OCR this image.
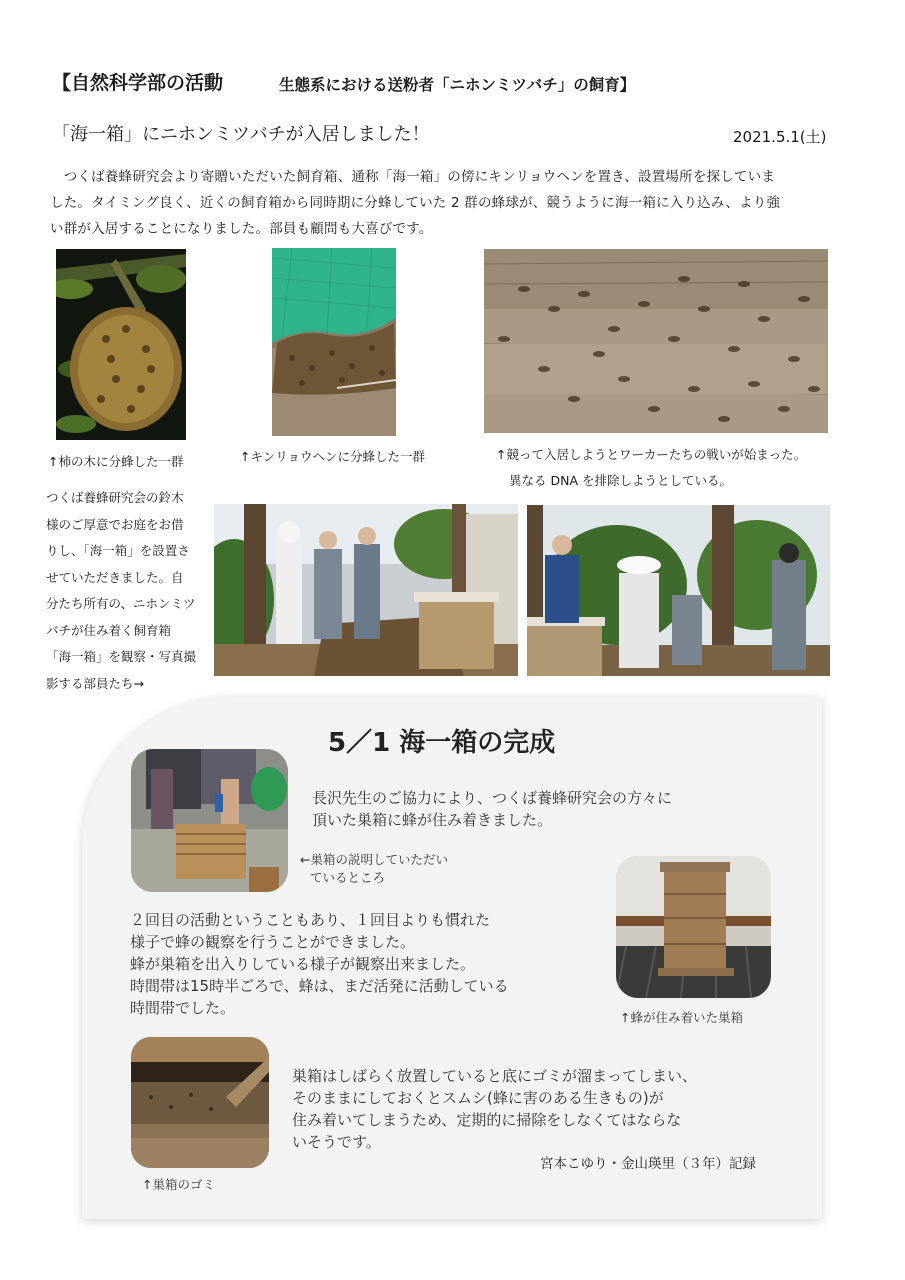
【自然科学部の活動	生態系における送粉者「ニホンミツバチ」の飼育】
「海一箱」にニホンミツバチが入居しました！	2021.5.1(土)
　つくば養蜂研究会より寄贈いただいた飼育箱、通称「海一箱」の傍にキンリョウヘンを置き、設置場所を探していま
した。タイミング良く、近くの飼育箱から同時期に分蜂していた 2 群の蜂球が、競うように海一箱に入り込み、より強
い群が入居することになりました。部員も顧問も大喜びです。
↑柿の木に分蜂した一群	↑キンリョウヘンに分蜂した一群	↑競って入居しようとワーカーたちの戦いが始まった。
異なる DNA を排除しようとしている。
つくば養蜂研究会の鈴木
様のご厚意でお庭をお借
りし、「海一箱」を設置さ
せていただきました。自
分たち所有の、ニホンミツ
バチが住み着く飼育箱
「海一箱」を観察・写真撮
影する部員たち→
5／1 海一箱の完成
長沢先生のご協力により、つくば養蜂研究会の方々に
頂いた巣箱に蜂が住み着きました。
←巣箱の説明していただい
ているところ
２回目の活動ということもあり、１回目よりも慣れた
様子で蜂の観察を行うことができました。
蜂が巣箱を出入りしている様子が観察出来ました。
時間帯は15時半ごろで、蜂は、まだ活発に活動している
時間帯でした。
↑蜂が住み着いた巣箱
巣箱はしばらく放置していると底にゴミが溜まってしまい、
そのままにしておくとスムシ(蜂に害のある生きもの)が
住み着いてしまうため、定期的に掃除をしなくてはならな
いそうです。
↑巣箱のゴミ
宮本こゆり・金山瑛里（３年）記録
